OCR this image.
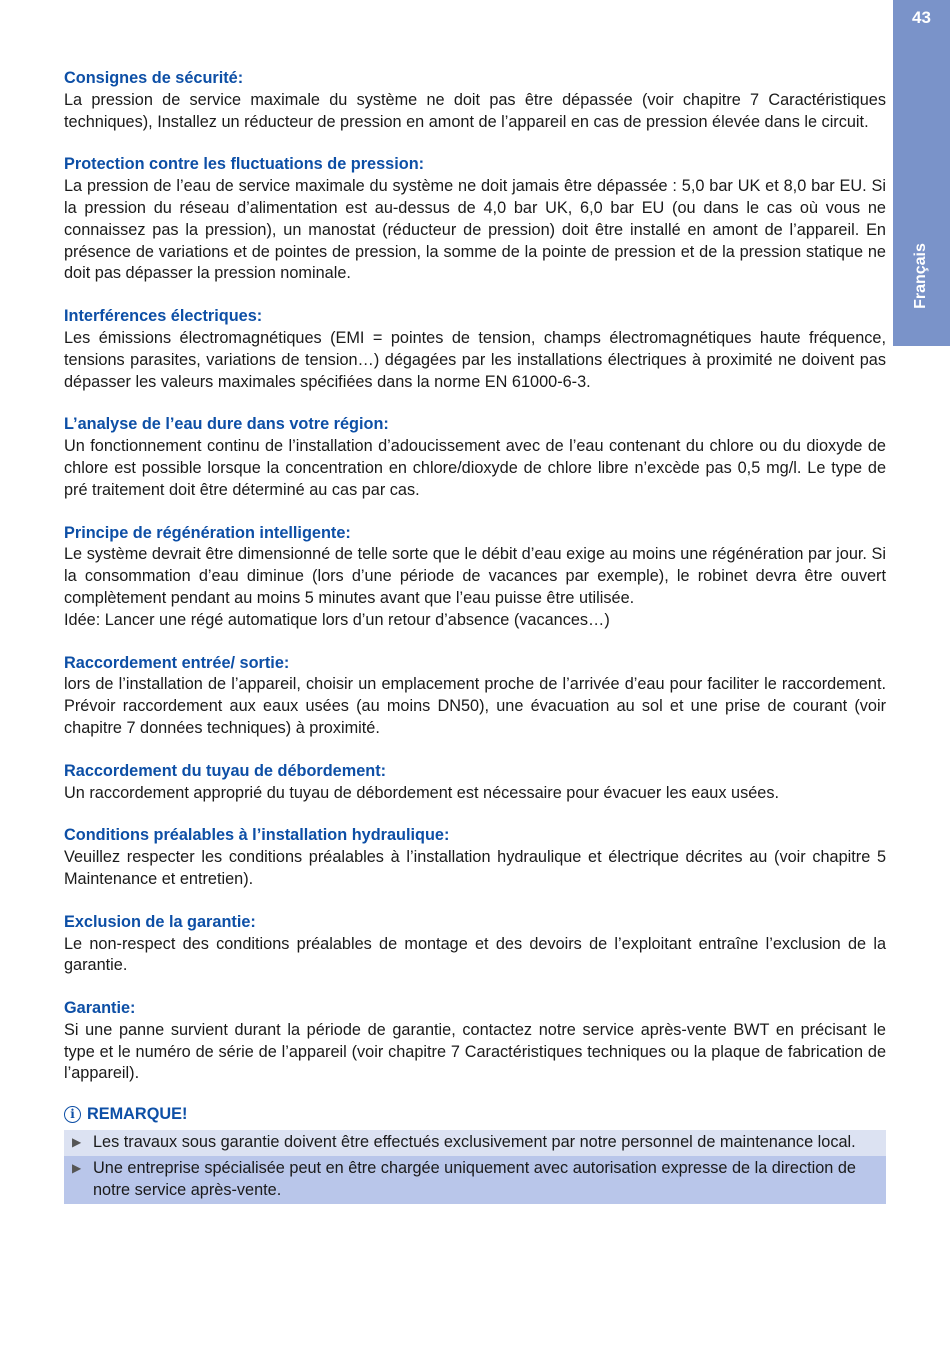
43
Français
Consignes de sécurité:
La pression de service maximale du système ne doit pas être dépassée (voir chapitre 7 Caractéristiques techniques), Installez un réducteur de pression en amont de l’appareil en cas de pression élevée dans le circuit.
Protection contre les fluctuations de pression:
La pression de l’eau de service maximale du système ne doit jamais être dépassée : 5,0 bar UK et 8,0 bar EU. Si la pression du réseau d’alimentation est au-dessus de 4,0 bar UK, 6,0 bar EU (ou dans le cas où vous ne connaissez pas la pression), un manostat (réducteur de pression) doit être installé en amont de l’appareil. En présence de variations et de pointes de pression, la somme de la pointe de pression et de la pression statique ne doit pas dépasser la pression nominale.
Interférences électriques:
Les émissions électromagnétiques (EMI = pointes de tension, champs électromagnétiques haute fréquence, tensions parasites, variations de tension…) dégagées par les installations électriques à proximité ne doivent pas dépasser les valeurs maximales spécifiées dans la norme EN 61000-6-3.
L’analyse de l’eau dure dans votre région:
Un fonctionnement continu de l’installation d’adoucissement avec de l’eau contenant du chlore ou du dioxyde de chlore est possible lorsque la concentration en chlore/dioxyde de chlore libre n’excède pas 0,5 mg/l. Le type de pré traitement doit être déterminé au cas par cas.
Principe de régénération intelligente:
Le système devrait être dimensionné de telle sorte que le débit d’eau exige au moins une régénération par jour. Si la consommation d’eau diminue (lors d’une période de vacances par exemple), le robinet devra être ouvert complètement pendant au moins 5 minutes avant que l’eau puisse être utilisée.
Idée: Lancer une régé automatique lors d’un retour d’absence (vacances…)
Raccordement entrée/ sortie:
lors de l’installation de l’appareil, choisir un emplacement proche de l’arrivée d’eau pour faciliter le raccordement. Prévoir raccordement aux eaux usées (au moins DN50), une évacuation au sol et une prise de courant (voir chapitre 7 données techniques) à proximité.
Raccordement du tuyau de débordement:
Un raccordement approprié du tuyau de débordement est nécessaire pour évacuer les eaux usées.
Conditions préalables à l’installation hydraulique:
Veuillez respecter les conditions préalables à l’installation hydraulique et électrique décrites au (voir chapitre 5 Maintenance et entretien).
Exclusion de la garantie:
Le non-respect des conditions préalables de montage et des devoirs de l’exploitant entraîne l’exclusion de la garantie.
Garantie:
Si une panne survient durant la période de garantie, contactez notre service après-vente BWT en précisant le type et le numéro de série de l’appareil (voir chapitre 7 Caractéristiques techniques ou la plaque de fabrication de l’appareil).
i REMARQUE!
▶ Les travaux sous garantie doivent être effectués exclusivement par notre personnel de maintenance local.
▶ Une entreprise spécialisée peut en être chargée uniquement avec autorisation expresse de la direction de notre service après-vente.
